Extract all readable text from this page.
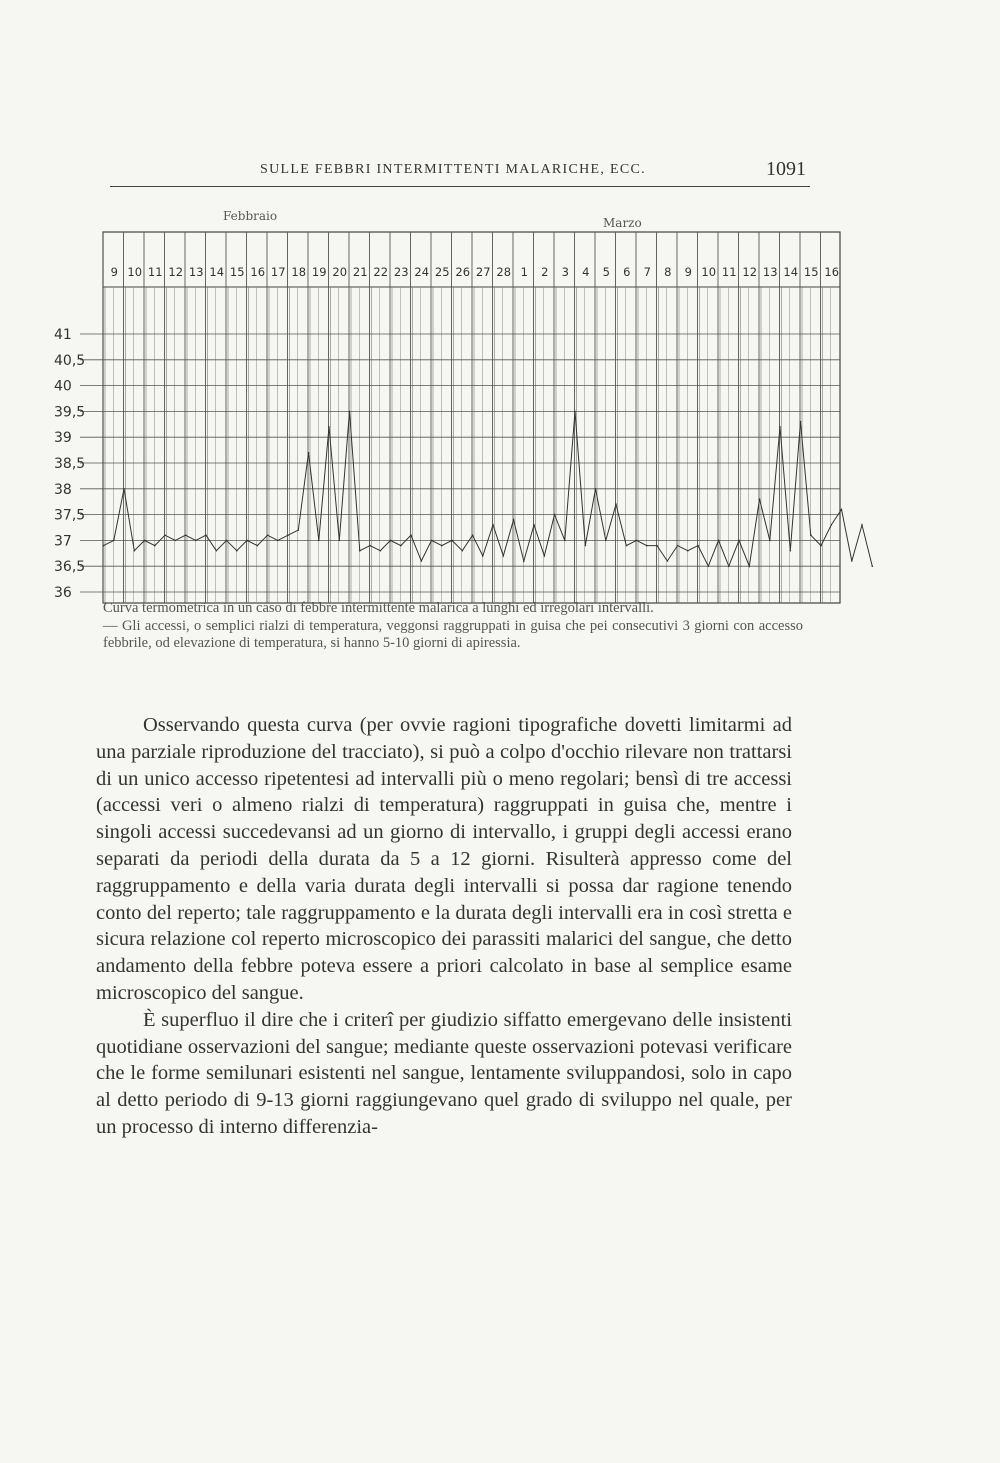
SULLE FEBBRI INTERMITTENTI MALARICHE, ECC.	1091
41
40,5
40
39,5
39
38,5
38
37,5
37
36,5
36
9 10 11 12 13 14 15 16 17 18 19 20 21 22 23 24 25 26 27 28 1 2 3 4 5 6 7 8 9 10 11 12 13 14 15 16
Febbraio	Marzo

Curva termometrica in un caso di febbre intermittente malarica a lunghi ed irregolari intervalli.

— Gli accessi, o semplici rialzi di temperatura, veggonsi raggruppati in guisa che pei consecutivi 3 giorni con accesso febbrile, od elevazione di temperatura, si hanno 5-10 giorni di apiressia.

Osservando questa curva (per ovvie ragioni tipografiche dovetti limitarmi ad una parziale riproduzione del tracciato), si può a colpo d'occhio rilevare non trattarsi di un unico accesso ripetentesi ad intervalli più o meno regolari; bensì di tre accessi (accessi veri o almeno rialzi di temperatura) raggruppati in guisa che, mentre i singoli accessi succedevansi ad un giorno di intervallo, i gruppi degli accessi erano separati da periodi della durata da 5 a 12 giorni. Risulterà appresso come del raggruppamento e della varia durata degli intervalli si possa dar ragione tenendo conto del reperto; tale raggruppamento e la durata degli intervalli era in così stretta e sicura relazione col reperto microscopico dei parassiti malarici del sangue, che detto andamento della febbre poteva essere a priori calcolato in base al semplice esame microscopico del sangue.

È superfluo il dire che i criterî per giudizio siffatto emergevano delle insistenti quotidiane osservazioni del sangue; mediante queste osservazioni potevasi verificare che le forme semilunari esistenti nel sangue, lentamente sviluppandosi, solo in capo al detto periodo di 9-13 giorni raggiungevano quel grado di sviluppo nel quale, per un processo di interno differenzia-
